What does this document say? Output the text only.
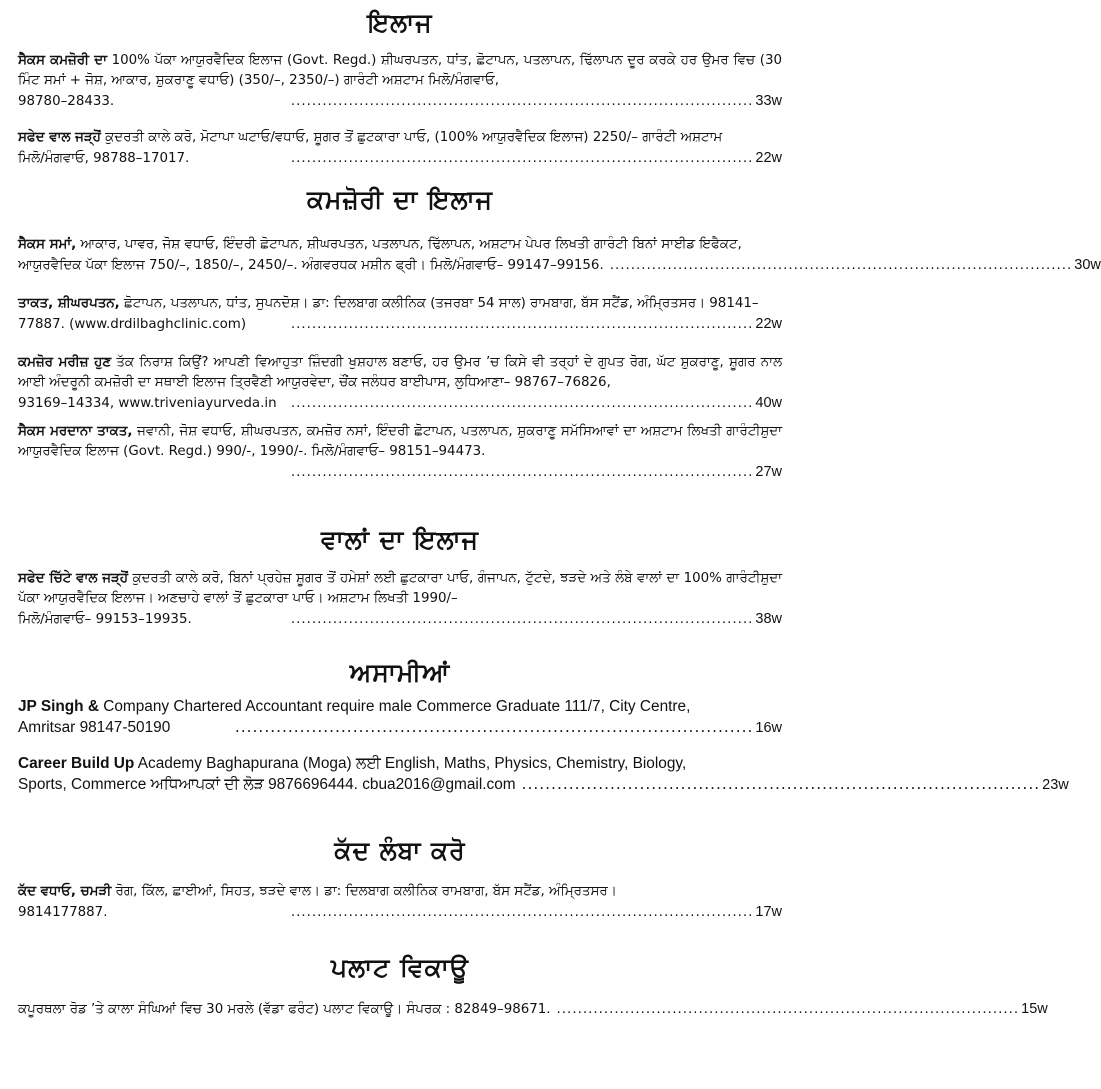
ਇਲਾਜ
ਸੈਕਸ ਕਮਜ਼ੋਰੀ ਦਾ 100% ਪੱਕਾ ਆਯੁਰਵੈਦਿਕ ਇਲਾਜ (Govt. Regd.) ਸ਼ੀਘਰਪਤਨ, ਧਾਂਤ, ਛੋਟਾਪਨ, ਪਤਲਾਪਨ, ਢਿੱਲਾਪਨ ਦੂਰ ਕਰਕੇ ਹਰ ਉਮਰ ਵਿਚ (30 ਮਿੰਟ ਸਮਾਂ + ਜੋਸ਼, ਆਕਾਰ, ਸ਼ੁਕਰਾਣੂ ਵਧਾਓ) (350/–, 2350/–) ਗਾਰੰਟੀ ਅਸ਼ਟਾਮ ਮਿਲੋ/ਮੰਗਵਾਓ,
98780–28433.	........................................................................................ 33w
ਸਫੇਦ ਵਾਲ ਜੜ੍ਹੋਂ ਕੁਦਰਤੀ ਕਾਲੇ ਕਰੋ, ਮੋਟਾਪਾ ਘਟਾਓ/ਵਧਾਓ, ਸ਼ੂਗਰ ਤੋਂ ਛੁਟਕਾਰਾ ਪਾਓ, (100% ਆਯੁਰਵੈਦਿਕ ਇਲਾਜ) 2250/– ਗਾਰੰਟੀ ਅਸ਼ਟਾਮ
ਮਿਲੋ/ਮੰਗਵਾਓ, 98788–17017.	........................................................................................ 22w
ਕਮਜ਼ੋਰੀ ਦਾ ਇਲਾਜ
ਸੈਕਸ ਸਮਾਂ, ਆਕਾਰ, ਪਾਵਰ, ਜੋਸ਼ ਵਧਾਓ, ਇੰਦਰੀ ਛੋਟਾਪਨ, ਸ਼ੀਘਰਪਤਨ, ਪਤਲਾਪਨ, ਢਿੱਲਾਪਨ, ਅਸ਼ਟਾਮ ਪੇਪਰ ਲਿਖਤੀ ਗਾਰੰਟੀ ਬਿਨਾਂ ਸਾਈਡ ਇਫੈਕਟ,
ਆਯੁਰਵੈਦਿਕ ਪੱਕਾ ਇਲਾਜ 750/–, 1850/–, 2450/–. ਅੰਗਵਰਧਕ ਮਸ਼ੀਨ ਫ੍ਰੀ। ਮਿਲੋ/ਮੰਗਵਾਓ– 99147–99156. ........................................................................................ 30w
ਤਾਕਤ, ਸ਼ੀਘਰਪਤਨ, ਛੋਟਾਪਨ, ਪਤਲਾਪਨ, ਧਾਂਤ, ਸੁਪਨਦੋਸ਼। ਡਾ: ਦਿਲਬਾਗ ਕਲੀਨਿਕ (ਤਜਰਬਾ 54 ਸਾਲ) ਰਾਮਬਾਗ, ਬੱਸ ਸਟੈਂਡ, ਅੰਮ੍ਰਿਤਸਰ। 98141–
77887. (www.drdilbaghclinic.com)	........................................................................................ 22w
ਕਮਜ਼ੋਰ ਮਰੀਜ਼ ਹੁਣ ਤੱਕ ਨਿਰਾਸ਼ ਕਿਉਂ? ਆਪਣੀ ਵਿਆਹੁਤਾ ਜ਼ਿੰਦਗੀ ਖੁਸ਼ਹਾਲ ਬਣਾਓ, ਹਰ ਉਮਰ ’ਚ ਕਿਸੇ ਵੀ ਤਰ੍ਹਾਂ ਦੇ ਗੁਪਤ ਰੋਗ, ਘੱਟ ਸ਼ੁਕਰਾਣੂ, ਸ਼ੂਗਰ ਨਾਲ ਆਈ ਅੰਦਰੂਨੀ ਕਮਜ਼ੋਰੀ ਦਾ ਸਥਾਈ ਇਲਾਜ ਤ੍ਰਿਵੈਣੀ ਆਯੁਰਵੇਦਾ, ਚੌਂਕ ਜਲੰਧਰ ਬਾਈਪਾਸ, ਲੁਧਿਆਣਾ– 98767–76826,
93169–14334, www.triveniayurveda.in	........................................................................................ 40w
ਸੈਕਸ ਮਰਦਾਨਾ ਤਾਕਤ, ਜਵਾਨੀ, ਜੋਸ਼ ਵਧਾਓ, ਸ਼ੀਘਰਪਤਨ, ਕਮਜ਼ੋਰ ਨਸਾਂ, ਇੰਦਰੀ ਛੋਟਾਪਨ, ਪਤਲਾਪਨ, ਸ਼ੁਕਰਾਣੂ ਸਮੱਸਿਆਵਾਂ ਦਾ ਅਸ਼ਟਾਮ ਲਿਖਤੀ ਗਾਰੰਟੀਸ਼ੁਦਾ ਆਯੁਰਵੈਦਿਕ ਇਲਾਜ (Govt. Regd.) 990/-, 1990/-. ਮਿਲੋ/ਮੰਗਵਾਓ– 98151–94473.
........................................................................................ 27w
ਵਾਲਾਂ ਦਾ ਇਲਾਜ
ਸਫੇਦ ਚਿੱਟੇ ਵਾਲ ਜੜ੍ਹੋਂ ਕੁਦਰਤੀ ਕਾਲੇ ਕਰੋ, ਬਿਨਾਂ ਪ੍ਰਹੇਜ਼ ਸ਼ੂਗਰ ਤੋਂ ਹਮੇਸ਼ਾਂ ਲਈ ਛੁਟਕਾਰਾ ਪਾਓ, ਗੰਜਾਪਨ, ਟੁੱਟਦੇ, ਝੜਦੇ ਅਤੇ ਲੰਬੇ ਵਾਲਾਂ ਦਾ 100% ਗਾਰੰਟੀਸ਼ੁਦਾ ਪੱਕਾ ਆਯੁਰਵੈਦਿਕ ਇਲਾਜ। ਅਣਚਾਹੇ ਵਾਲਾਂ ਤੋਂ ਛੁਟਕਾਰਾ ਪਾਓ। ਅਸ਼ਟਾਮ ਲਿਖਤੀ 1990/–
ਮਿਲੋ/ਮੰਗਵਾਓ– 99153–19935.	........................................................................................ 38w
ਅਸਾਮੀਆਂ
JP Singh & Company Chartered Accountant require male Commerce Graduate 111/7, City Centre,
Amritsar 98147-50190	........................................................................................ 16w
Career Build Up Academy Baghapurana (Moga) ਲਈ English, Maths, Physics, Chemistry, Biology,
Sports, Commerce ਅਧਿਆਪਕਾਂ ਦੀ ਲੋੜ 9876696444. cbua2016@gmail.com ........................................................................................ 23w
ਕੱਦ ਲੰਬਾ ਕਰੋ
ਕੱਦ ਵਧਾਓ, ਚਮੜੀ ਰੋਗ, ਕਿੱਲ, ਛਾਈਆਂ, ਸਿਹਤ, ਝੜਦੇ ਵਾਲ। ਡਾ: ਦਿਲਬਾਗ ਕਲੀਨਿਕ ਰਾਮਬਾਗ, ਬੱਸ ਸਟੈਂਡ, ਅੰਮ੍ਰਿਤਸਰ।
9814177887.	........................................................................................ 17w
ਪਲਾਟ ਵਿਕਾਊ
ਕਪੂਰਥਲਾ ਰੋਡ ’ਤੇ ਕਾਲਾ ਸੰਘਿਆਂ ਵਿਚ 30 ਮਰਲੇ (ਵੱਡਾ ਫਰੰਟ) ਪਲਾਟ ਵਿਕਾਊ। ਸੰਪਰਕ : 82849–98671. ........................................................................................ 15w
